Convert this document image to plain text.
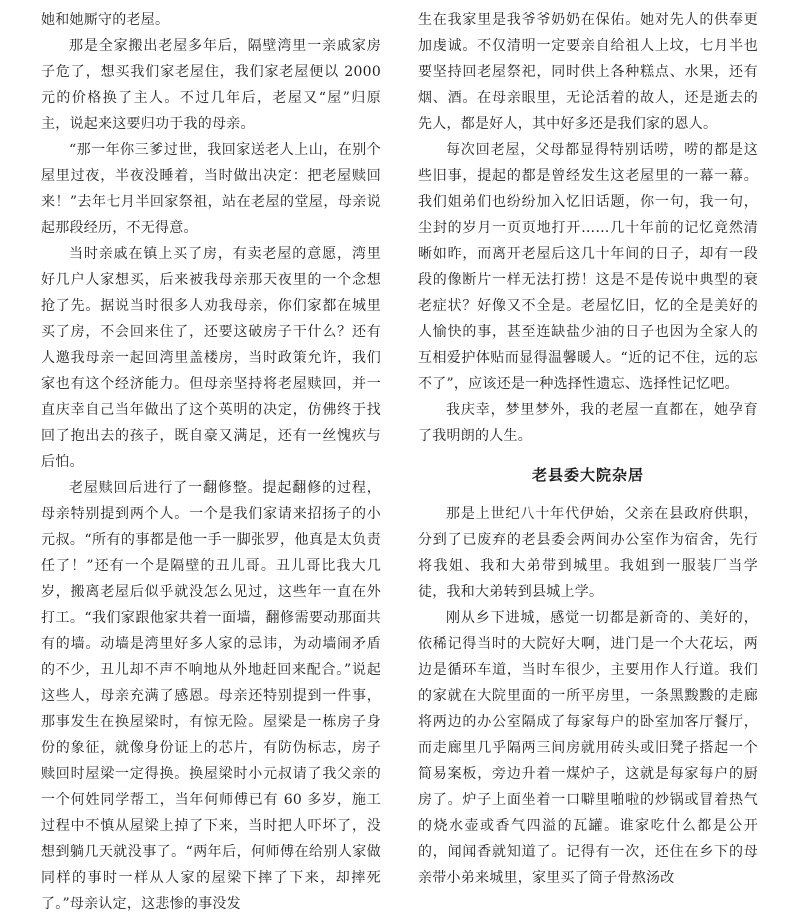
她和她厮守的老屋。

那是全家搬出老屋多年后，隔壁湾里一亲戚家房子危了，想买我们家老屋住，我们家老屋便以 2000 元的价格换了主人。不过几年后，老屋又“屋”归原主，说起来这要归功于我的母亲。

“那一年你三爹过世，我回家送老人上山，在别个屋里过夜，半夜没睡着，当时做出决定：把老屋赎回来！”去年七月半回家祭祖，站在老屋的堂屋，母亲说起那段经历，不无得意。

当时亲戚在镇上买了房，有卖老屋的意愿，湾里好几户人家想买，后来被我母亲那天夜里的一个念想抢了先。据说当时很多人劝我母亲，你们家都在城里买了房，不会回来住了，还要这破房子干什么？还有人邀我母亲一起回湾里盖楼房，当时政策允许，我们家也有这个经济能力。但母亲坚持将老屋赎回，并一直庆幸自己当年做出了这个英明的决定，仿佛终于找回了抱出去的孩子，既自豪又满足，还有一丝愧疚与后怕。

老屋赎回后进行了一翻修整。提起翻修的过程，母亲特别提到两个人。一个是我们家请来招扬子的小元叔。“所有的事都是他一手一脚张罗，他真是太负责任了！”还有一个是隔壁的丑儿哥。丑儿哥比我大几岁，搬离老屋后似乎就没怎么见过，这些年一直在外打工。“我们家跟他家共着一面墙，翻修需要动那面共有的墙。动墙是湾里好多人家的忌讳，为动墙闹矛盾的不少，丑儿却不声不响地从外地赶回来配合。”说起这些人，母亲充满了感恩。母亲还特别提到一件事，那事发生在换屋梁时，有惊无险。屋梁是一栋房子身份的象征，就像身份证上的芯片，有防伪标志，房子赎回时屋梁一定得换。换屋梁时小元叔请了我父亲的一个何姓同学帮工，当年何师傅已有 60 多岁，施工过程中不慎从屋梁上掉了下来，当时把人吓坏了，没想到躺几天就没事了。“两年后，何师傅在给别人家做同样的事时一样从人家的屋梁下摔了下来，却摔死了。”母亲认定，这悲惨的事没发

生在我家里是我爷爷奶奶在保佑。她对先人的供奉更加虔诚。不仅清明一定要亲自给祖人上坟，七月半也要坚持回老屋祭祀，同时供上各种糕点、水果，还有烟、酒。在母亲眼里，无论活着的故人，还是逝去的先人，都是好人，其中好多还是我们家的恩人。

每次回老屋，父母都显得特别话唠，唠的都是这些旧事，提起的都是曾经发生这老屋里的一幕一幕。我们姐弟们也纷纷加入忆旧话题，你一句，我一句，尘封的岁月一页页地打开……几十年前的记忆竟然清晰如昨，而离开老屋后这几十年间的日子，却有一段段的像断片一样无法打捞！这是不是传说中典型的衰老症状？好像又不全是。老屋忆旧，忆的全是美好的人愉快的事，甚至连缺盐少油的日子也因为全家人的互相爱护体贴而显得温馨暖人。“近的记不住，远的忘不了”，应该还是一种选择性遗忘、选择性记忆吧。

我庆幸，梦里梦外，我的老屋一直都在，她孕育了我明朗的人生。

老县委大院杂居

那是上世纪八十年代伊始，父亲在县政府供职，分到了已废弃的老县委会两间办公室作为宿舍，先行将我姐、我和大弟带到城里。我姐到一服装厂当学徒，我和大弟转到县城上学。

刚从乡下进城，感觉一切都是新奇的、美好的，依稀记得当时的大院好大啊，进门是一个大花坛，两边是循环车道，当时车很少，主要用作人行道。我们的家就在大院里面的一所平房里，一条黑黢黢的走廊将两边的办公室隔成了每家每户的卧室加客厅餐厅，而走廊里几乎隔两三间房就用砖头或旧凳子搭起一个简易案板，旁边升着一煤炉子，这就是每家每户的厨房了。炉子上面坐着一口噼里啪啦的炒锅或冒着热气的烧水壶或香气四溢的瓦罐。谁家吃什么都是公开的，闻闻香就知道了。记得有一次，还住在乡下的母亲带小弟来城里，家里买了筒子骨熬汤改
